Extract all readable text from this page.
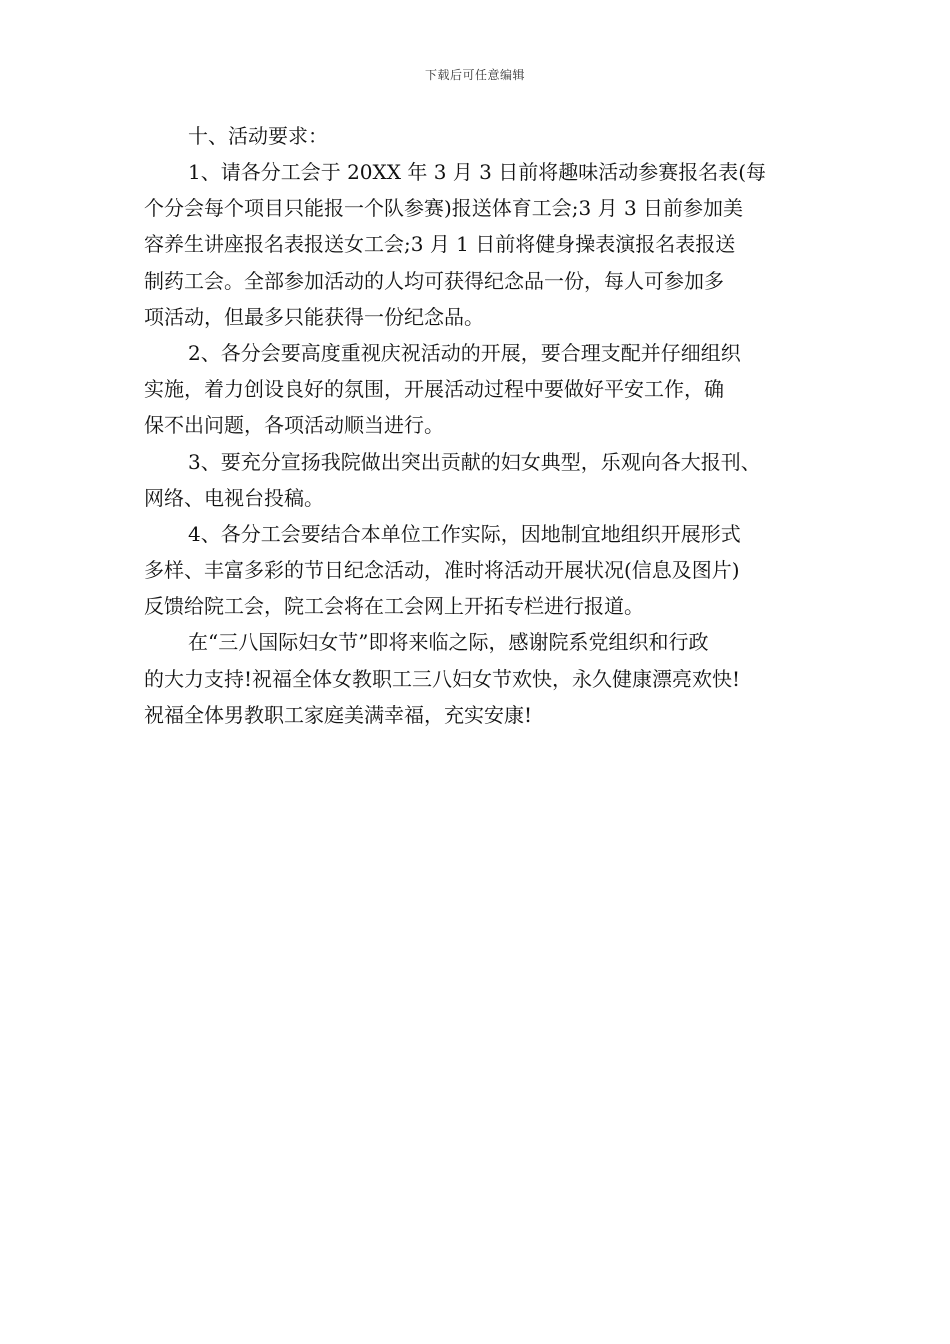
下载后可任意编辑

十、活动要求：

1、请各分工会于 20XX 年 3 月 3 日前将趣味活动参赛报名表(每

个分会每个项目只能报一个队参赛)报送体育工会;3 月 3 日前参加美

容养生讲座报名表报送女工会;3 月 1 日前将健身操表演报名表报送

制药工会。全部参加活动的人均可获得纪念品一份，每人可参加多

项活动，但最多只能获得一份纪念品。

2、各分会要高度重视庆祝活动的开展，要合理支配并仔细组织

实施，着力创设良好的氛围，开展活动过程中要做好平安工作，确

保不出问题，各项活动顺当进行。

3、要充分宣扬我院做出突出贡献的妇女典型，乐观向各大报刊、

网络、电视台投稿。

4、各分工会要结合本单位工作实际，因地制宜地组织开展形式

多样、丰富多彩的节日纪念活动，准时将活动开展状况(信息及图片)

反馈给院工会，院工会将在工会网上开拓专栏进行报道。

在“三八国际妇女节”即将来临之际，感谢院系党组织和行政

的大力支持!祝福全体女教职工三八妇女节欢快，永久健康漂亮欢快!

祝福全体男教职工家庭美满幸福，充实安康!
